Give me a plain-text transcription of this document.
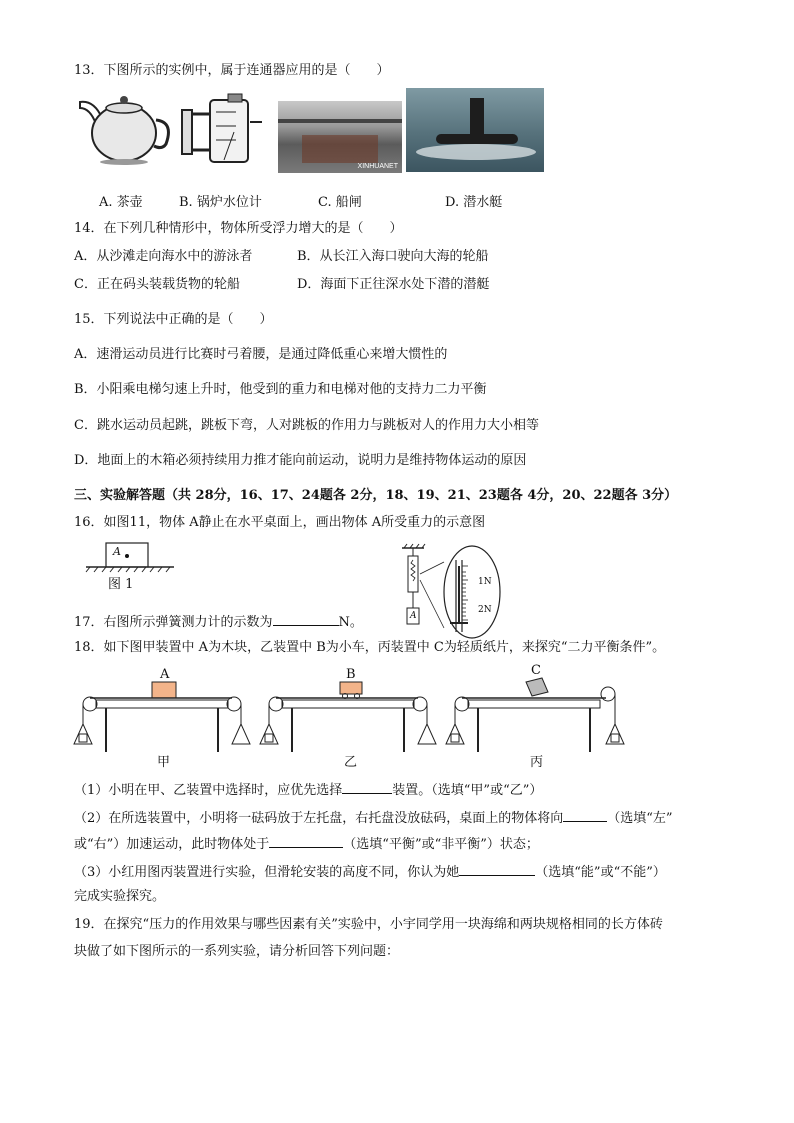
13．下图所示的实例中，属于连通器应用的是（　　）
XINHUANET
A. 茶壶	B. 锅炉水位计	C. 船闸	D. 潜水艇
14．在下列几种情形中，物体所受浮力增大的是（　　）
A．从沙滩走向海水中的游泳者	B．从长江入海口驶向大海的轮船
C．正在码头装载货物的轮船	D．海面下正往深水处下潜的潜艇
15．下列说法中正确的是（　　）
A．速滑运动员进行比赛时弓着腰，是通过降低重心来增大惯性的
B．小阳乘电梯匀速上升时，他受到的重力和电梯对他的支持力二力平衡
C．跳水运动员起跳，跳板下弯，人对跳板的作用力与跳板对人的作用力大小相等
D．地面上的木箱必须持续用力推才能向前运动，说明力是维持物体运动的原因
三、实验解答题（共 28分，16、17、24题各 2分，18、19、21、23题各 4分，20、22题各 3分）
16．如图11，物体 A静止在水平桌面上，画出物体 A所受重力的示意图
A
图 1	1N
2N
A
17．右图所示弹簧测力计的示数为	N。
18．如下图甲装置中 A为木块，乙装置中 B为小车，丙装置中 C为轻质纸片，来探究“二力平衡条件”。
A	B	C
甲	乙	丙
（1）小明在甲、乙装置中选择时，应优先选择	装置。（选填“甲”或“乙”）
（2）在所选装置中，小明将一砝码放于左托盘，右托盘没放砝码，桌面上的物体将向	（选填“左”
或“右”）加速运动，此时物体处于	（选填“平衡”或“非平衡”）状态；
（3）小红用图丙装置进行实验，但滑轮安装的高度不同，你认为她	（选填“能”或“不能”）
完成实验探究。
19．在探究“压力的作用效果与哪些因素有关”实验中，小宇同学用一块海绵和两块规格相同的长方体砖
块做了如下图所示的一系列实验，请分析回答下列问题：
